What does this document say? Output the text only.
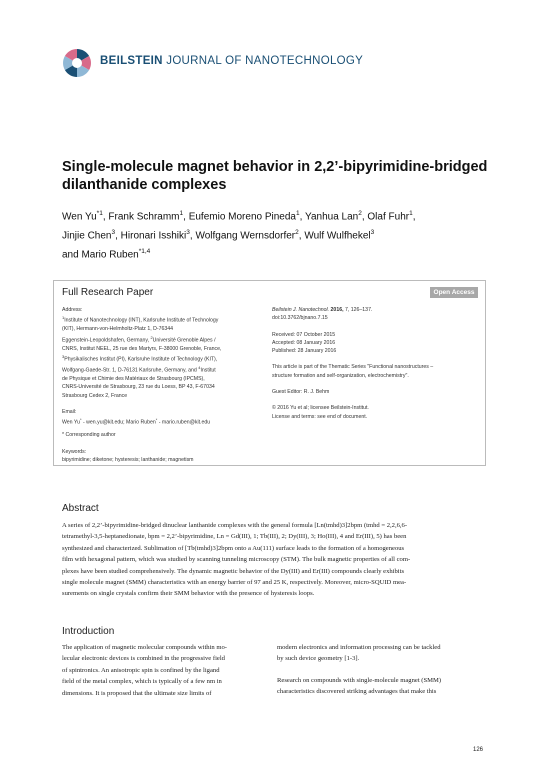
BEILSTEIN JOURNAL OF NANOTECHNOLOGY
Single-molecule magnet behavior in 2,2’-bipyrimidine-bridged
dilanthanide complexes
Wen Yu$^{*1}$, Frank Schramm$^1$, Eufemio Moreno Pineda$^1$, Yanhua Lan$^2$, Olaf Fuhr$^1$,
Jinjie Chen$^3$, Hironari Isshiki$^3$, Wolfgang Wernsdorfer$^2$, Wulf Wulfhekel$^3$
and Mario Ruben$^{*1,4}$
Full Research Paper	Open Access
Address:
$^1$Institute of Nanotechnology (INT), Karlsruhe Institute of Technology
(KIT), Hermann-von-Helmholtz-Platz 1, D-76344
Eggenstein-Leopoldshafen, Germany, $^2$Université Grenoble Alpes /
CNRS, Institut NEEL, 25 rue des Martyrs, F-38000 Grenoble, France,
$^3$Physikalisches Institut (PI), Karlsruhe Institute of Technology (KIT),
Wolfgang-Gaede-Str. 1, D-76131 Karlsruhe, Germany, and $^4$Institut
de Physique et Chimie des Matériaux de Strasbourg (IPCMS),
CNRS-Université de Strasbourg, 23 rue du Loess, BP 43, F-67034
Strasbourg Cedex 2, France
Email:
Wen Yu* - wen.yu@kit.edu; Mario Ruben* - mario.ruben@kit.edu
* Corresponding author
Keywords:
bipyrimidine; diketone; hysteresis; lanthanide; magnetism
Beilstein J. Nanotechnol. 2016, 7, 126–137.
doi:10.3762/bjnano.7.15
Received: 07 October 2015
Accepted: 08 January 2016
Published: 28 January 2016
This article is part of the Thematic Series "Functional nanostructures –
structure formation and self-organization, electrochemistry".
Guest Editor: R. J. Behm
© 2016 Yu et al; licensee Beilstein-Institut.
License and terms: see end of document.
Abstract
A series of 2,2’-bipyrimidine-bridged dinuclear lanthanide complexes with the general formula [Ln(tmhd)3]2bpm (tmhd = 2,2,6,6-
tetramethyl-3,5-heptanedionate, bpm = 2,2’-bipyrimidine, Ln = Gd(III), 1; Tb(III), 2; Dy(III), 3; Ho(III), 4 and Er(III), 5) has been
synthesized and characterized. Sublimation of [Tb(tmhd)3]2bpm onto a Au(111) surface leads to the formation of a homogeneous
film with hexagonal pattern, which was studied by scanning tunneling microscopy (STM). The bulk magnetic properties of all com-
plexes have been studied comprehensively. The dynamic magnetic behavior of the Dy(III) and Er(III) compounds clearly exhibits
single molecule magnet (SMM) characteristics with an energy barrier of 97 and 25 K, respectively. Moreover, micro-SQUID mea-
surements on single crystals confirm their SMM behavior with the presence of hysteresis loops.
Introduction
The application of magnetic molecular compounds within mo-
lecular electronic devices is combined in the progressive field
of spintronics. An anisotropic spin is confined by the ligand
field of the metal complex, which is typically of a few nm in
dimensions. It is proposed that the ultimate size limits of
modern electronics and information processing can be tackled
by such device geometry [1-3].
Research on compounds with single-molecule magnet (SMM)
characteristics discovered striking advantages that make this
126
